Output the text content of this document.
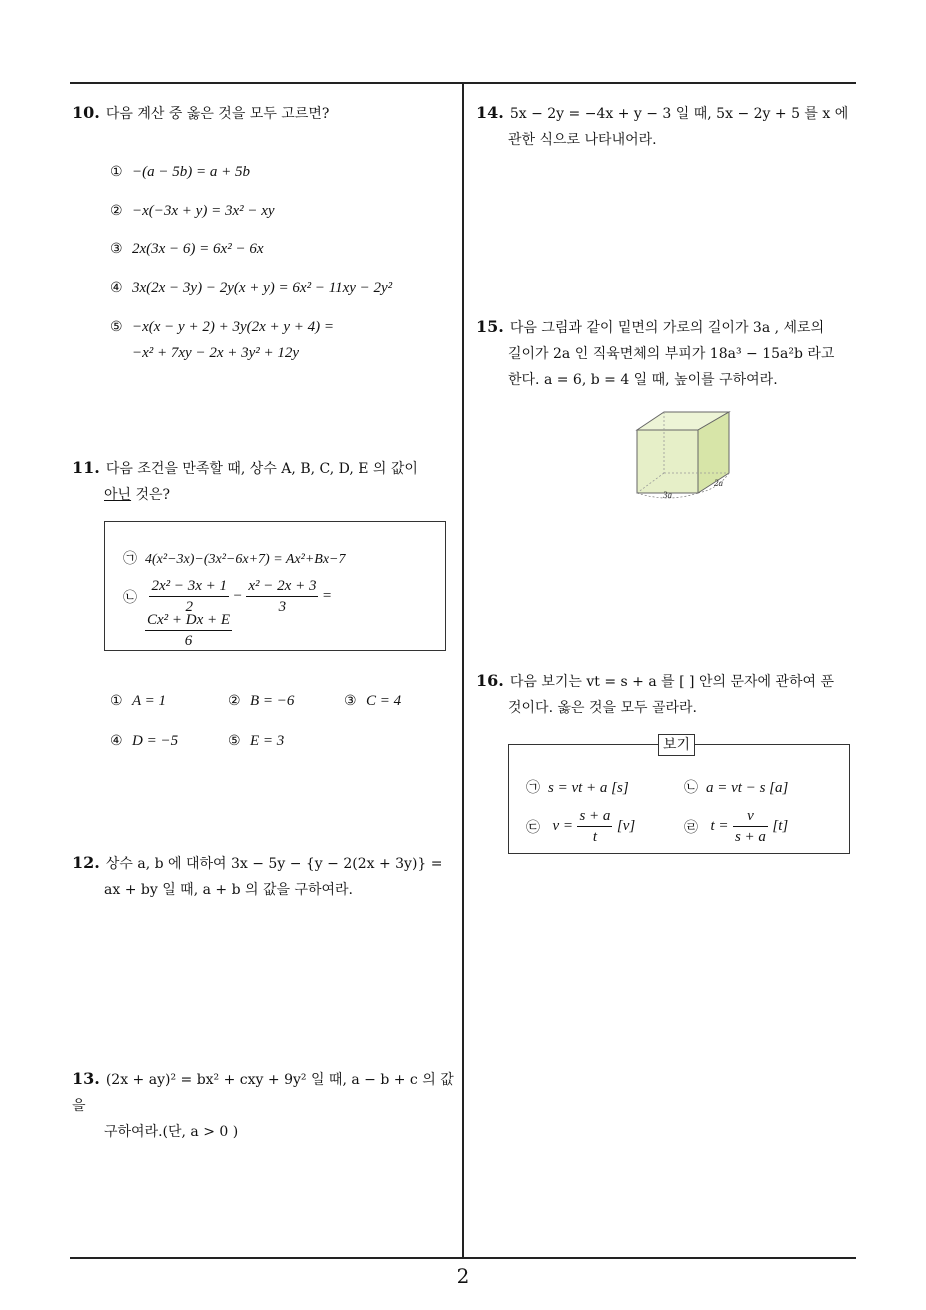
10. 다음 계산 중 옳은 것을 모두 고르면?
① −(a − 5b) = a + 5b
② −x(−3x + y) = 3x² − xy
③ 2x(3x − 6) = 6x² − 6x
④ 3x(2x − 3y) − 2y(x + y) = 6x² − 11xy − 2y²
⑤ −x(x − y + 2) + 3y(2x + y + 4) =
−x² + 7xy − 2x + 3y² + 12y
11. 다음 조건을 만족할 때, 상수 A, B, C, D, E 의 값이
아닌 것은?
㉠ 4(x²−3x)−(3x²−6x+7) = Ax²+Bx−7
㉡ $\frac{\text{2x² − 3x + 1}}{2} - \frac{\text{x² − 2x + 3}}{3}$ =
$\frac{\text{Cx² + Dx + E}}{6}$
① A = 1	② B = −6	③ C = 4
④ D = −5	⑤ E = 3
12. 상수 a, b 에 대하여 3x − 5y − {y − 2(2x + 3y)} =
ax + by 일 때, a + b 의 값을 구하여라.
13. (2x + ay)² = bx² + cxy + 9y² 일 때, a − b + c 의 값을
구하여라.(단, a > 0 )
14. 5x − 2y = −4x + y − 3 일 때, 5x − 2y + 5 를 x 에
관한 식으로 나타내어라.
15. 다음 그림과 같이 밑면의 가로의 길이가 3a , 세로의
길이가 2a 인 직육면체의 부피가 18a³ − 15a²b 라고
한다. a = 6, b = 4 일 때, 높이를 구하여라.
3a
2a
16. 다음 보기는 vt = s + a 를 [ ] 안의 문자에 관하여 푼
것이다. 옳은 것을 모두 골라라.
보기
㉠ s = vt + a [s]	㉡ a = vt − s [a]
㉢ $v = \frac{s + a}{t} [v]$	㉣ $t = \frac{v}{s + a} [t]$
2
